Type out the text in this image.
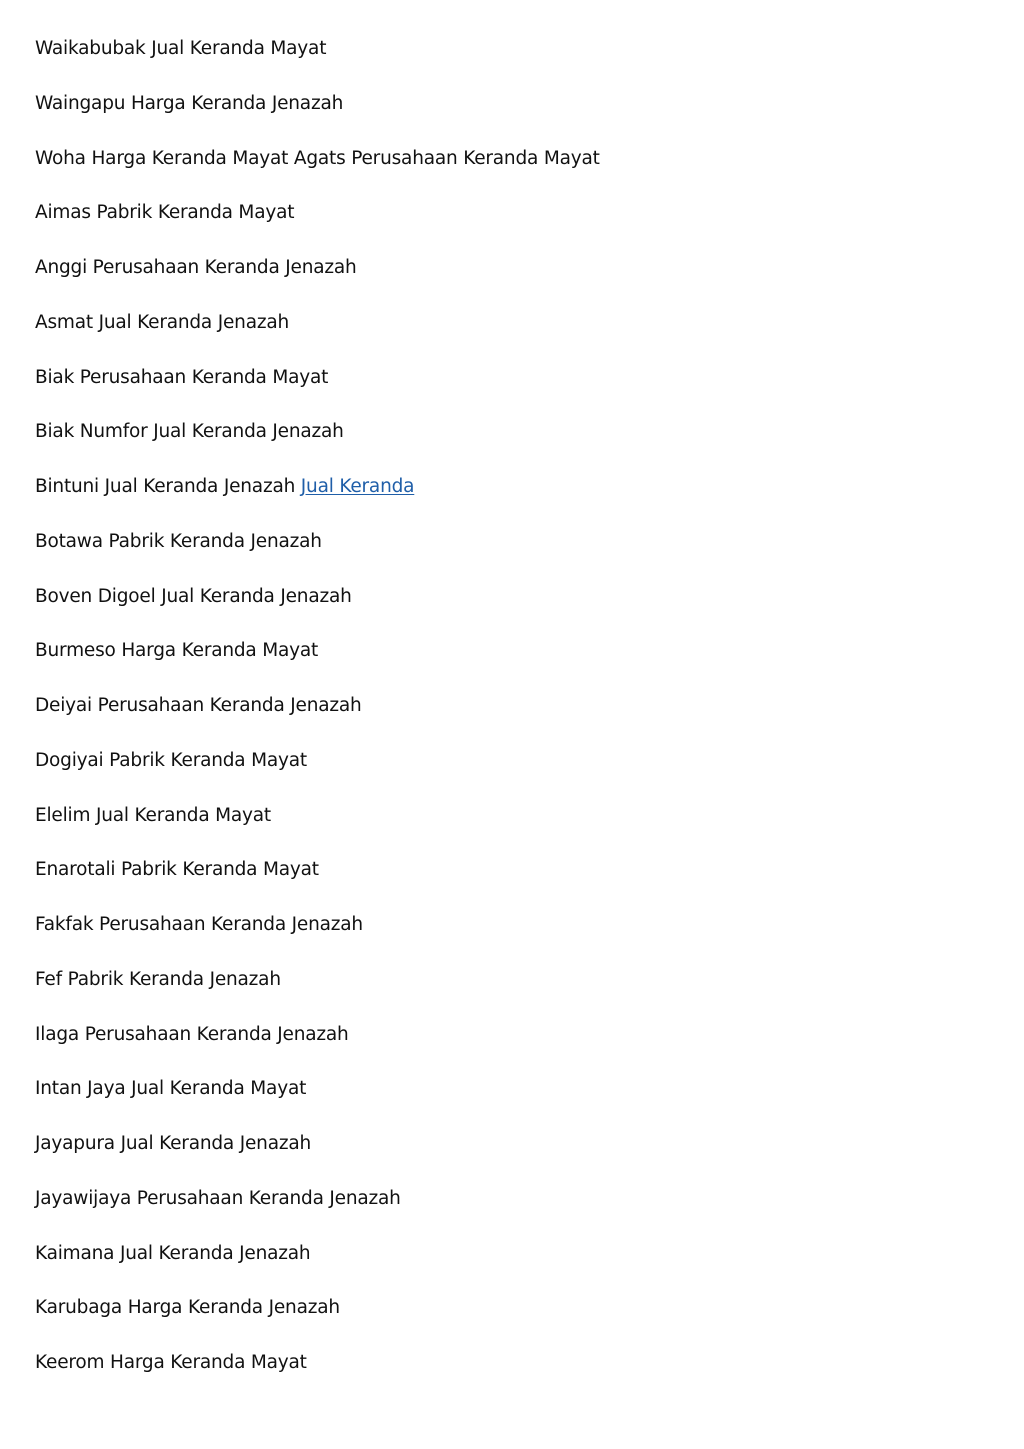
Waikabubak Jual Keranda Mayat
Waingapu Harga Keranda Jenazah
Woha Harga Keranda Mayat Agats Perusahaan Keranda Mayat
Aimas Pabrik Keranda Mayat
Anggi Perusahaan Keranda Jenazah
Asmat Jual Keranda Jenazah
Biak Perusahaan Keranda Mayat
Biak Numfor Jual Keranda Jenazah
Bintuni Jual Keranda Jenazah Jual Keranda
Botawa Pabrik Keranda Jenazah
Boven Digoel Jual Keranda Jenazah
Burmeso Harga Keranda Mayat
Deiyai Perusahaan Keranda Jenazah
Dogiyai Pabrik Keranda Mayat
Elelim Jual Keranda Mayat
Enarotali Pabrik Keranda Mayat
Fakfak Perusahaan Keranda Jenazah
Fef Pabrik Keranda Jenazah
Ilaga Perusahaan Keranda Jenazah
Intan Jaya Jual Keranda Mayat
Jayapura Jual Keranda Jenazah
Jayawijaya Perusahaan Keranda Jenazah
Kaimana Jual Keranda Jenazah
Karubaga Harga Keranda Jenazah
Keerom Harga Keranda Mayat
